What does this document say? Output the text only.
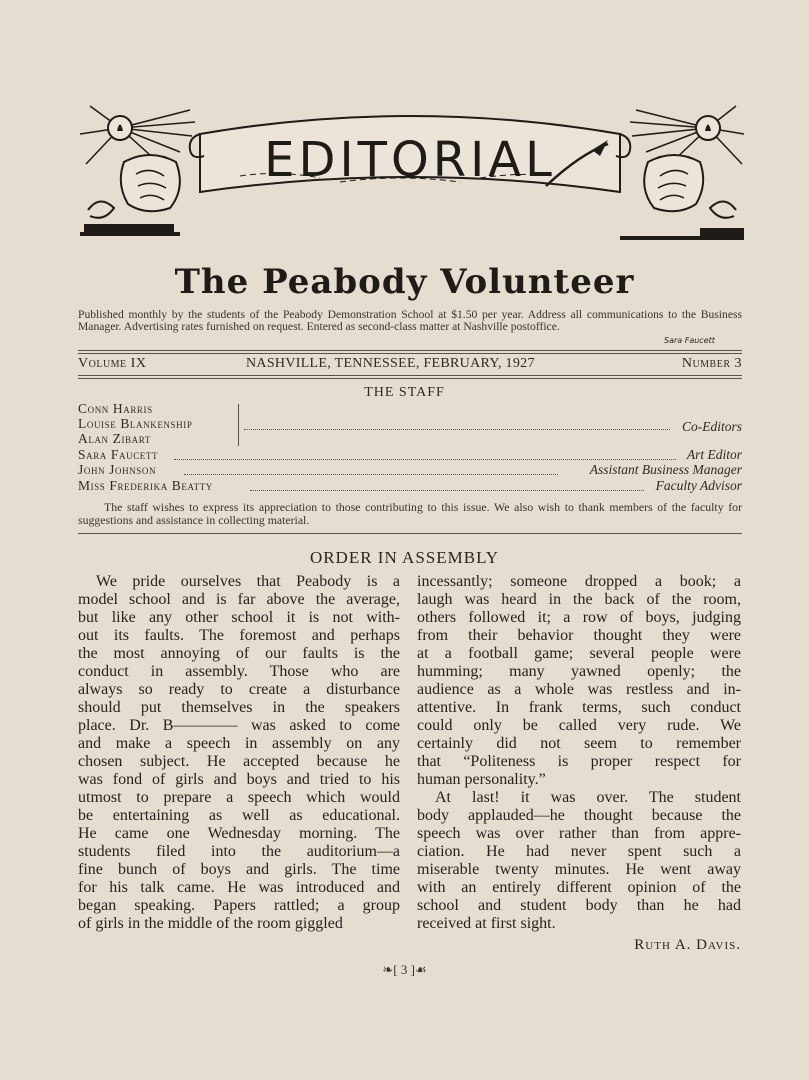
EDITORIAL
Sara Faucett
The Peabody Volunteer
Published monthly by the students of the Peabody Demonstration School at $1.50 per year. Address all communications to the Business Manager. Advertising rates furnished on request. Entered as second-class matter at Nashville postoffice.
Volume IX	NASHVILLE, TENNESSEE, FEBRUARY, 1927	Number 3
THE STAFF
Conn Harris
Louise Blankenship	Co-Editors
Alan Zibart
Sara Faucett	Art Editor
John Johnson	Assistant Business Manager
Miss Frederika Beatty	Faculty Advisor
The staff wishes to express its appreciation to those contributing to this issue. We also wish to thank members of the faculty for suggestions and assistance in collecting material.
ORDER IN ASSEMBLY
We pride ourselves that Peabody is a
model school and is far above the average,
but like any other school it is not with-
out its faults. The foremost and perhaps
the most annoying of our faults is the
conduct in assembly. Those who are
always so ready to create a disturbance
should put themselves in the speakers
place. Dr. B———— was asked to come
and make a speech in assembly on any
chosen subject. He accepted because he
was fond of girls and boys and tried to his
utmost to prepare a speech which would
be entertaining as well as educational.
He came one Wednesday morning. The
students filed into the auditorium—a
fine bunch of boys and girls. The time
for his talk came. He was introduced and
began speaking. Papers rattled; a group
of girls in the middle of the room giggled
incessantly; someone dropped a book; a
laugh was heard in the back of the room,
others followed it; a row of boys, judging
from their behavior thought they were
at a football game; several people were
humming; many yawned openly; the
audience as a whole was restless and in-
attentive. In frank terms, such conduct
could only be called very rude. We
certainly did not seem to remember
that “Politeness is proper respect for
human personality.”
At last! it was over. The student
body applauded—he thought because the
speech was over rather than from appre-
ciation. He had never spent such a
miserable twenty minutes. He went away
with an entirely different opinion of the
school and student body than he had
received at first sight.
Ruth A. Davis.
❧[ 3 ]☙
